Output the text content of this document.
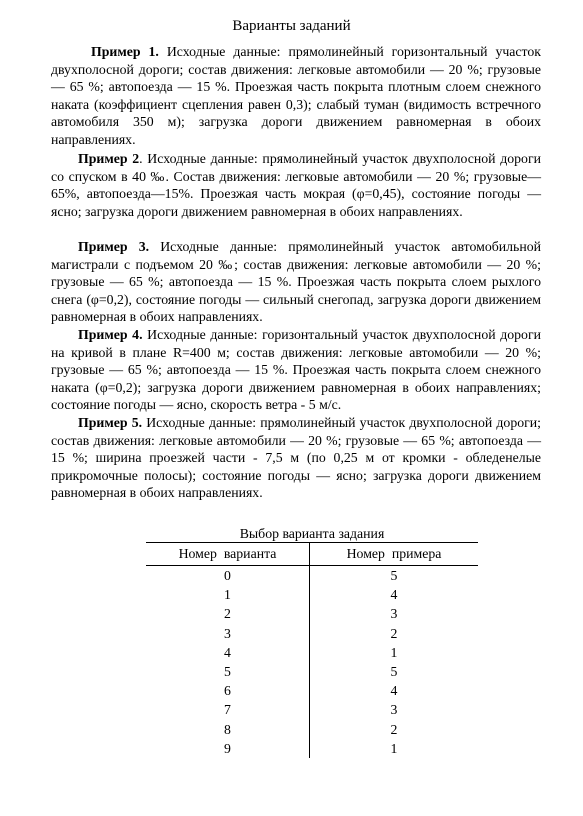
Варианты заданий

Пример 1. Исходные данные: прямолинейный горизонтальный участок двухполосной дороги; состав движения: легковые автомобили — 20 %; грузовые — 65 %; автопоезда — 15 %. Проезжая часть покрыта плотным слоем снежного наката (коэффициент сцепления равен 0,3); слабый туман (видимость встречного автомобиля 350 м); загрузка дороги движением равномерная в обоих направлениях.

Пример 2. Исходные данные: прямолинейный участок двухполосной дороги со спуском в 40 ‰. Состав движения: легковые автомобили — 20 %; грузовые—65%, автопоезда—15%. Проезжая часть мокрая (φ=0,45), состояние погоды — ясно; загрузка дороги движением равномерная в обоих направлениях.

Пример 3. Исходные данные: прямолинейный участок автомобильной магистрали с подъемом 20 ‰; состав движения: легковые автомобили — 20 %; грузовые — 65 %; автопоезда — 15 %. Проезжая часть покрыта слоем рыхлого снега (φ=0,2), состояние погоды — сильный снегопад, загрузка дороги движением равномерная в обоих направлениях.

Пример 4. Исходные данные: горизонтальный участок двухполосной дороги на кривой в плане R=400 м; состав движения: легковые автомобили — 20 %; грузовые — 65 %; автопоезда — 15 %. Проезжая часть покрыта слоем снежного наката (φ=0,2); загрузка дороги движением равномерная в обоих направлениях; состояние погоды — ясно, скорость ветра - 5 м/с.

Пример 5. Исходные данные: прямолинейный участок двухполосной дороги; состав движения: легковые автомобили — 20 %; грузовые — 65 %; автопоезда — 15 %; ширина проезжей части - 7,5 м (по 0,25 м от кромки - обледенелые прикромочные полосы); состояние погоды — ясно; загрузка дороги движением равномерная в обоих направлениях.

Выбор варианта задания
Номер  варианта	Номер  примера
0	5
1	4
2	3
3	2
4	1
5	5
6	4
7	3
8	2
9	1
